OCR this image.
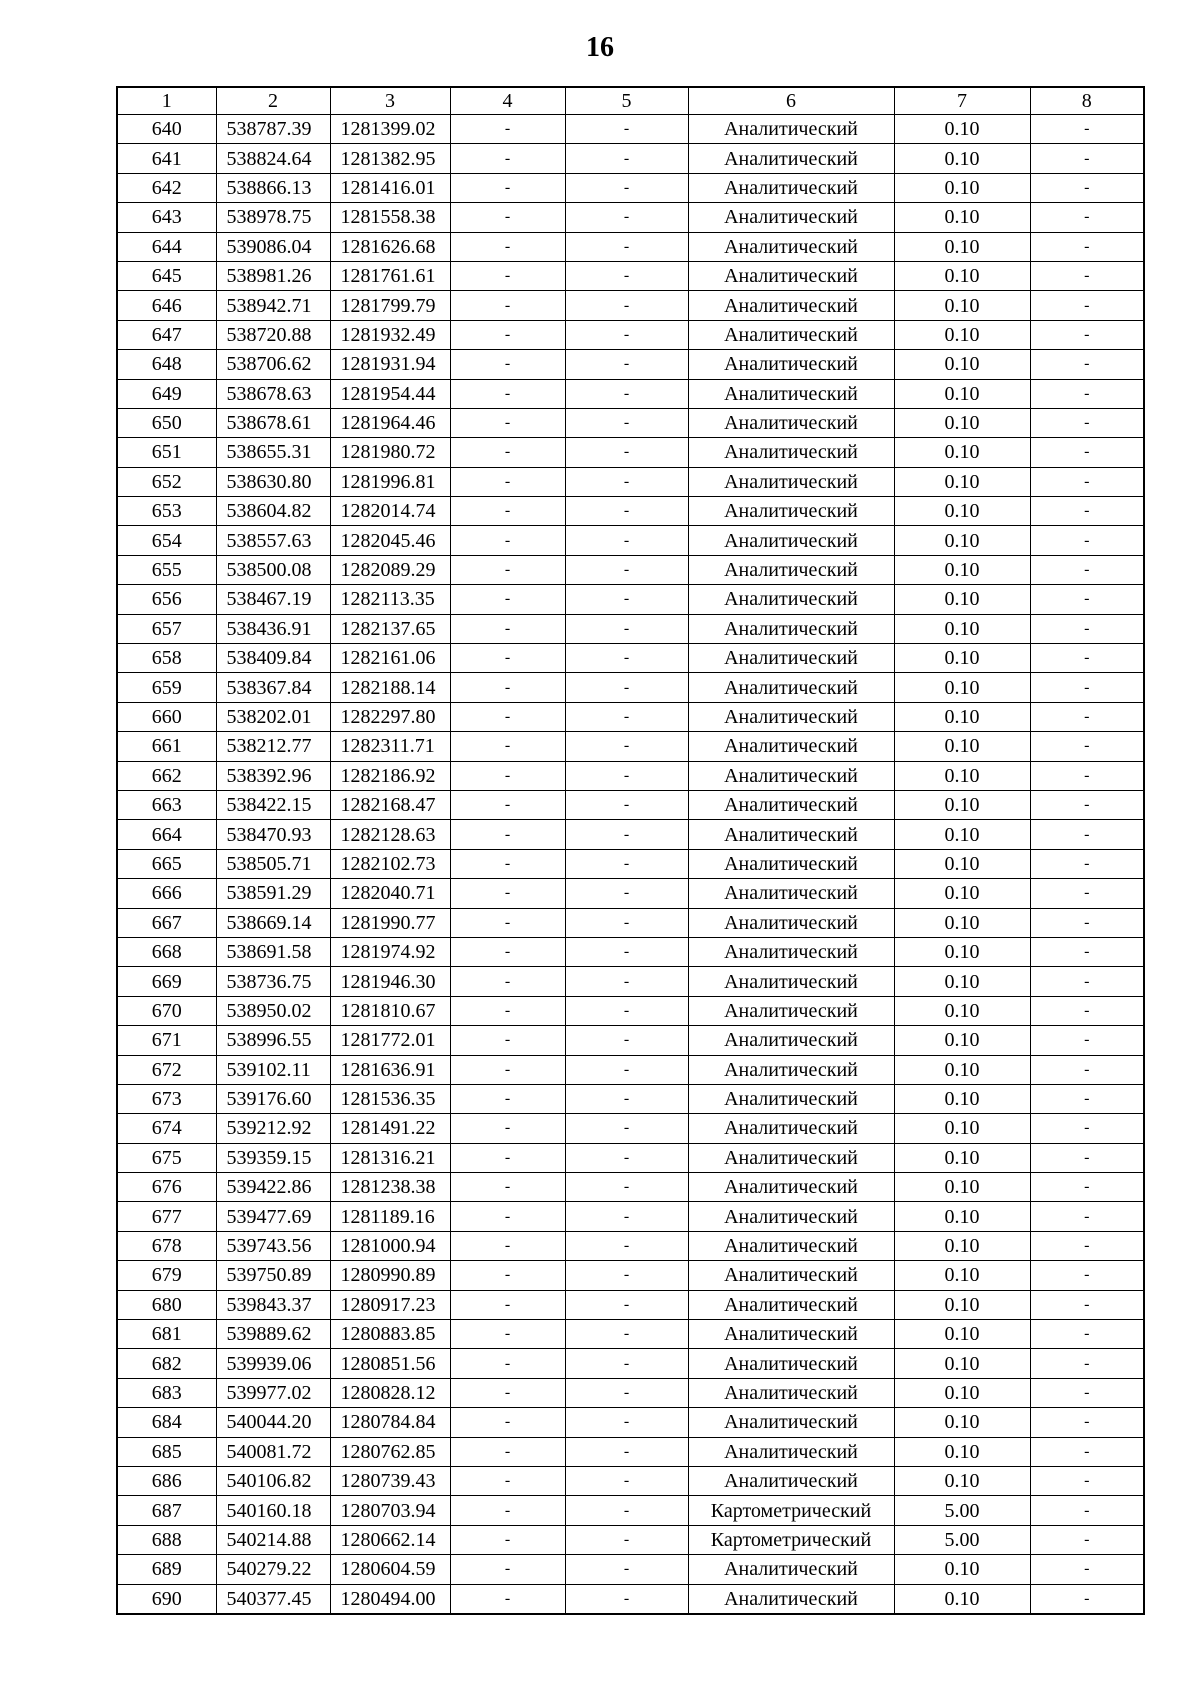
16
1	2	3	4	5	6	7	8
640	538787.39	1281399.02	-	-	Аналитический	0.10	-
641	538824.64	1281382.95	-	-	Аналитический	0.10	-
642	538866.13	1281416.01	-	-	Аналитический	0.10	-
643	538978.75	1281558.38	-	-	Аналитический	0.10	-
644	539086.04	1281626.68	-	-	Аналитический	0.10	-
645	538981.26	1281761.61	-	-	Аналитический	0.10	-
646	538942.71	1281799.79	-	-	Аналитический	0.10	-
647	538720.88	1281932.49	-	-	Аналитический	0.10	-
648	538706.62	1281931.94	-	-	Аналитический	0.10	-
649	538678.63	1281954.44	-	-	Аналитический	0.10	-
650	538678.61	1281964.46	-	-	Аналитический	0.10	-
651	538655.31	1281980.72	-	-	Аналитический	0.10	-
652	538630.80	1281996.81	-	-	Аналитический	0.10	-
653	538604.82	1282014.74	-	-	Аналитический	0.10	-
654	538557.63	1282045.46	-	-	Аналитический	0.10	-
655	538500.08	1282089.29	-	-	Аналитический	0.10	-
656	538467.19	1282113.35	-	-	Аналитический	0.10	-
657	538436.91	1282137.65	-	-	Аналитический	0.10	-
658	538409.84	1282161.06	-	-	Аналитический	0.10	-
659	538367.84	1282188.14	-	-	Аналитический	0.10	-
660	538202.01	1282297.80	-	-	Аналитический	0.10	-
661	538212.77	1282311.71	-	-	Аналитический	0.10	-
662	538392.96	1282186.92	-	-	Аналитический	0.10	-
663	538422.15	1282168.47	-	-	Аналитический	0.10	-
664	538470.93	1282128.63	-	-	Аналитический	0.10	-
665	538505.71	1282102.73	-	-	Аналитический	0.10	-
666	538591.29	1282040.71	-	-	Аналитический	0.10	-
667	538669.14	1281990.77	-	-	Аналитический	0.10	-
668	538691.58	1281974.92	-	-	Аналитический	0.10	-
669	538736.75	1281946.30	-	-	Аналитический	0.10	-
670	538950.02	1281810.67	-	-	Аналитический	0.10	-
671	538996.55	1281772.01	-	-	Аналитический	0.10	-
672	539102.11	1281636.91	-	-	Аналитический	0.10	-
673	539176.60	1281536.35	-	-	Аналитический	0.10	-
674	539212.92	1281491.22	-	-	Аналитический	0.10	-
675	539359.15	1281316.21	-	-	Аналитический	0.10	-
676	539422.86	1281238.38	-	-	Аналитический	0.10	-
677	539477.69	1281189.16	-	-	Аналитический	0.10	-
678	539743.56	1281000.94	-	-	Аналитический	0.10	-
679	539750.89	1280990.89	-	-	Аналитический	0.10	-
680	539843.37	1280917.23	-	-	Аналитический	0.10	-
681	539889.62	1280883.85	-	-	Аналитический	0.10	-
682	539939.06	1280851.56	-	-	Аналитический	0.10	-
683	539977.02	1280828.12	-	-	Аналитический	0.10	-
684	540044.20	1280784.84	-	-	Аналитический	0.10	-
685	540081.72	1280762.85	-	-	Аналитический	0.10	-
686	540106.82	1280739.43	-	-	Аналитический	0.10	-
687	540160.18	1280703.94	-	-	Картометрический	5.00	-
688	540214.88	1280662.14	-	-	Картометрический	5.00	-
689	540279.22	1280604.59	-	-	Аналитический	0.10	-
690	540377.45	1280494.00	-	-	Аналитический	0.10	-
